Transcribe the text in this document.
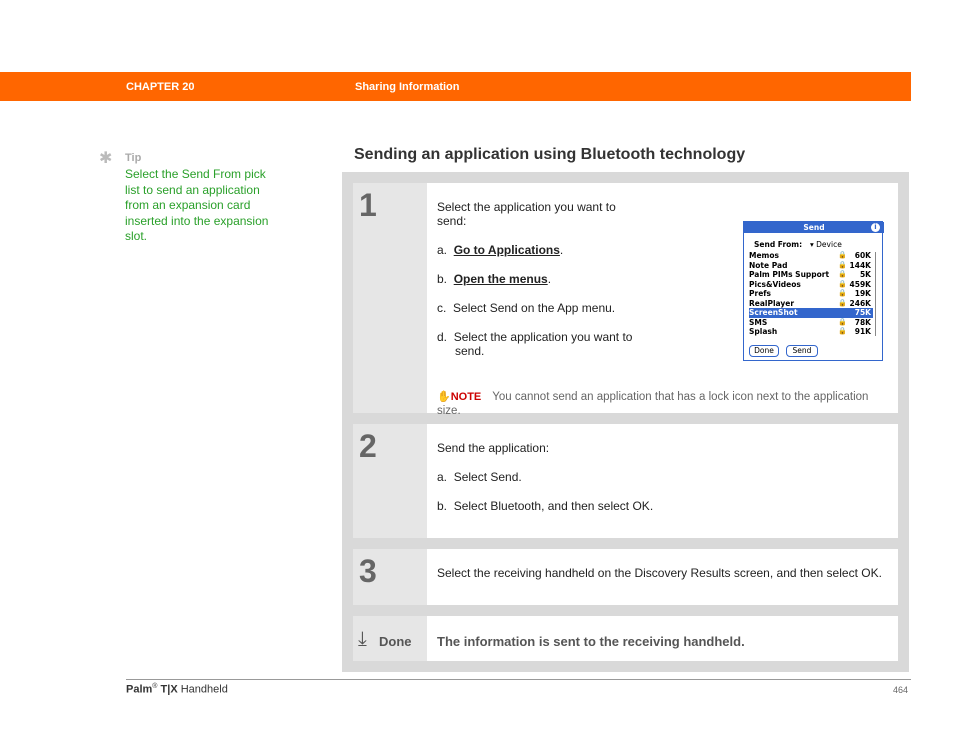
CHAPTER 20	Sharing Information
✱ Tip
Select the Send From pick list to send an application from an expansion card inserted into the expansion slot.
Sending an application using Bluetooth technology
1	Select the application you want to send:

a. Go to Applications.

b. Open the menus.

c. Select Send on the App menu.

d. Select the application you want to send.

Send	i
Send From: ▾ Device
Memos	🔒 60K
Note Pad	🔒 144K
Palm PIMs Support 🔒 5K
Pics&Videos	🔒 459K
Prefs	🔒 19K
RealPlayer	🔒 246K
ScreenShot	75K
SMS	🔒 78K
Splash	🔒 91K
Done	Send
✋NOTE You cannot send an application that has a lock icon next to the application size.
2	Send the application:

a. Select Send.

b. Select Bluetooth, and then select OK.

3	Select the receiving handheld on the Discovery Results screen, and then select OK.
⤓ Done The information is sent to the receiving handheld.
Palm® T|X Handheld	464
